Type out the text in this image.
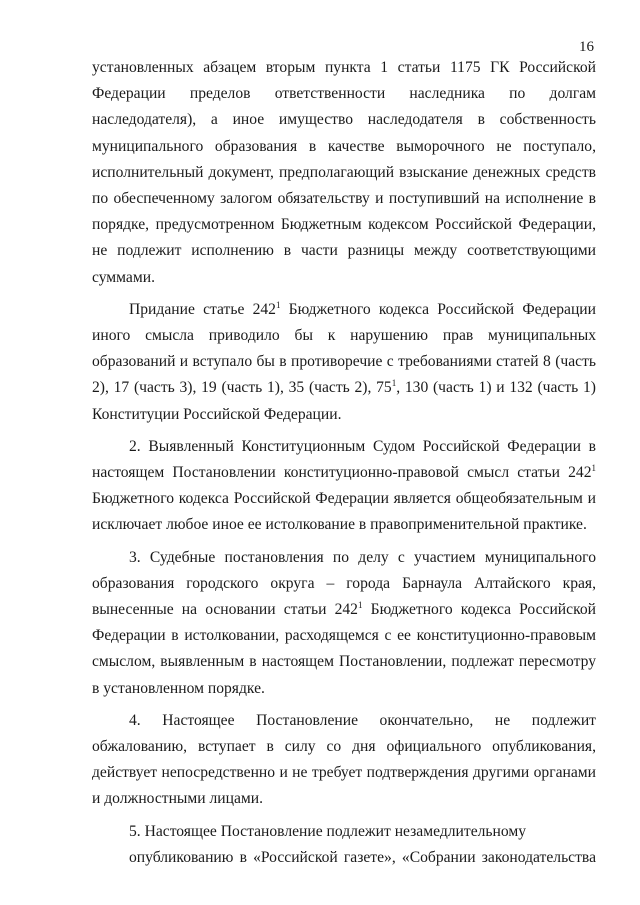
16

установленных абзацем вторым пункта 1 статьи 1175 ГК Российской Федерации пределов ответственности наследника по долгам наследодателя), а иное имущество наследодателя в собственность муниципального образования в качестве выморочного не поступало, исполнительный документ, предполагающий взыскание денежных средств по обеспеченному залогом обязательству и поступивший на исполнение в порядке, предусмотренном Бюджетным кодексом Российской Федерации, не подлежит исполнению в части разницы между соответствующими суммами.

Придание статье $242^1$ Бюджетного кодекса Российской Федерации иного смысла приводило бы к нарушению прав муниципальных образований и вступало бы в противоречие с требованиями статей 8 (часть 2), 17 (часть 3), 19 (часть 1), 35 (часть 2), $75^1$, 130 (часть 1) и 132 (часть 1) Конституции Российской Федерации.

2. Выявленный Конституционным Судом Российской Федерации в настоящем Постановлении конституционно-правовой смысл статьи $242^1$ Бюджетного кодекса Российской Федерации является общеобязательным и исключает любое иное ее истолкование в правоприменительной практике.

3. Судебные постановления по делу с участием муниципального образования городского округа – города Барнаула Алтайского края, вынесенные на основании статьи $242^1$ Бюджетного кодекса Российской Федерации в истолковании, расходящемся с ее конституционно-правовым смыслом, выявленным в настоящем Постановлении, подлежат пересмотру в установленном порядке.

4. Настоящее Постановление окончательно, не подлежит обжалованию, вступает в силу со дня официального опубликования, действует непосредственно и не требует подтверждения другими органами и должностными лицами.

5. Настоящее Постановление подлежит незамедлительному
опубликованию в «Российской газете», «Собрании законодательства
